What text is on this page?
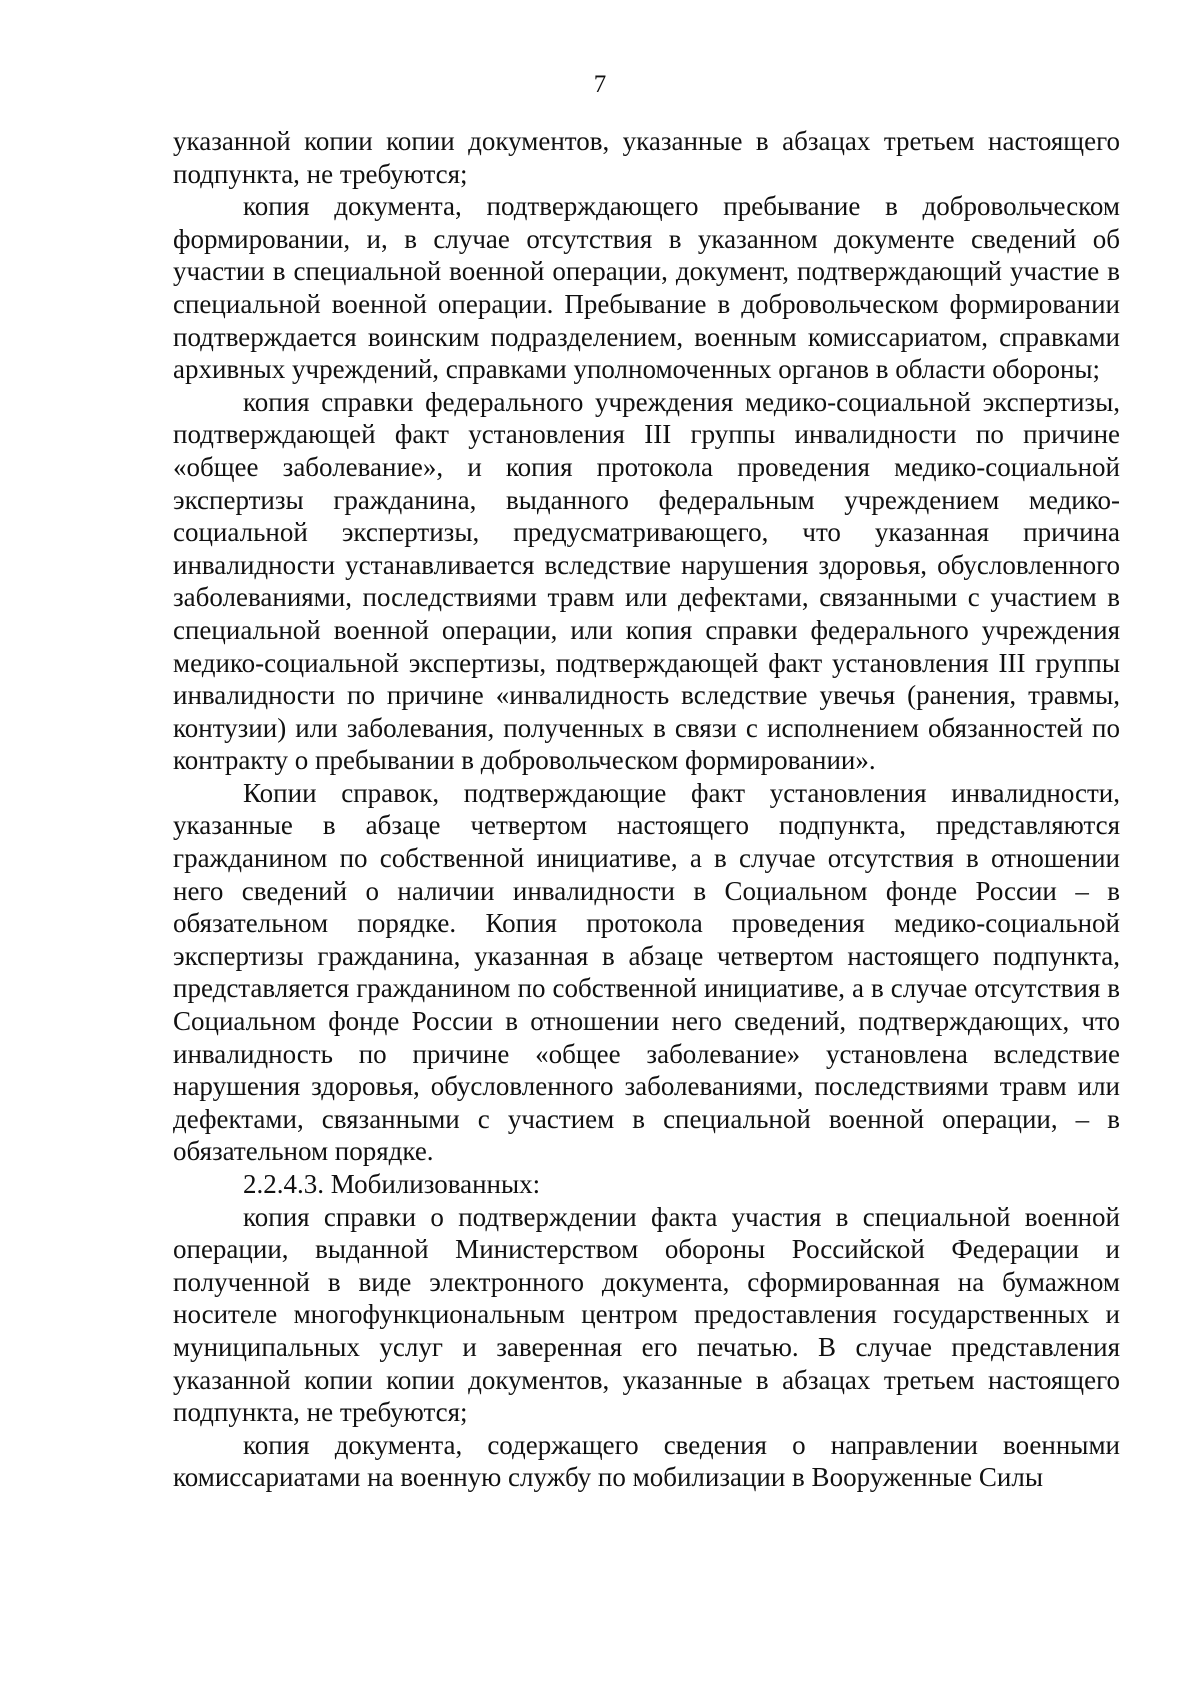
7

указанной копии копии документов, указанные в абзацах третьем настоящего подпункта, не требуются;

копия документа, подтверждающего пребывание в добровольческом формировании, и, в случае отсутствия в указанном документе сведений об участии в специальной военной операции, документ, подтверждающий участие в специальной военной операции. Пребывание в добровольческом формировании подтверждается воинским подразделением, военным комиссариатом, справками архивных учреждений, справками уполномоченных органов в области обороны;

копия справки федерального учреждения медико-социальной экспертизы, подтверждающей факт установления III группы инвалидности по причине «общее заболевание», и копия протокола проведения медико-социальной экспертизы гражданина, выданного федеральным учреждением медико-социальной экспертизы, предусматривающего, что указанная причина инвалидности устанавливается вследствие нарушения здоровья, обусловленного заболеваниями, последствиями травм или дефектами, связанными с участием в специальной военной операции, или копия справки федерального учреждения медико-социальной экспертизы, подтверждающей факт установления III группы инвалидности по причине «инвалидность вследствие увечья (ранения, травмы, контузии) или заболевания, полученных в связи с исполнением обязанностей по контракту о пребывании в добровольческом формировании».

Копии справок, подтверждающие факт установления инвалидности, указанные в абзаце четвертом настоящего подпункта, представляются гражданином по собственной инициативе, а в случае отсутствия в отношении него сведений о наличии инвалидности в Социальном фонде России – в обязательном порядке. Копия протокола проведения медико-социальной экспертизы гражданина, указанная в абзаце четвертом настоящего подпункта, представляется гражданином по собственной инициативе, а в случае отсутствия в Социальном фонде России в отношении него сведений, подтверждающих, что инвалидность по причине «общее заболевание» установлена вследствие нарушения здоровья, обусловленного заболеваниями, последствиями травм или дефектами, связанными с участием в специальной военной операции, – в обязательном порядке.

2.2.4.3. Мобилизованных:

копия справки о подтверждении факта участия в специальной военной операции, выданной Министерством обороны Российской Федерации и полученной в виде электронного документа, сформированная на бумажном носителе многофункциональным центром предоставления государственных и муниципальных услуг и заверенная его печатью. В случае представления указанной копии копии документов, указанные в абзацах третьем настоящего подпункта, не требуются;

копия документа, содержащего сведения о направлении военными комиссариатами на военную службу по мобилизации в Вооруженные Силы
